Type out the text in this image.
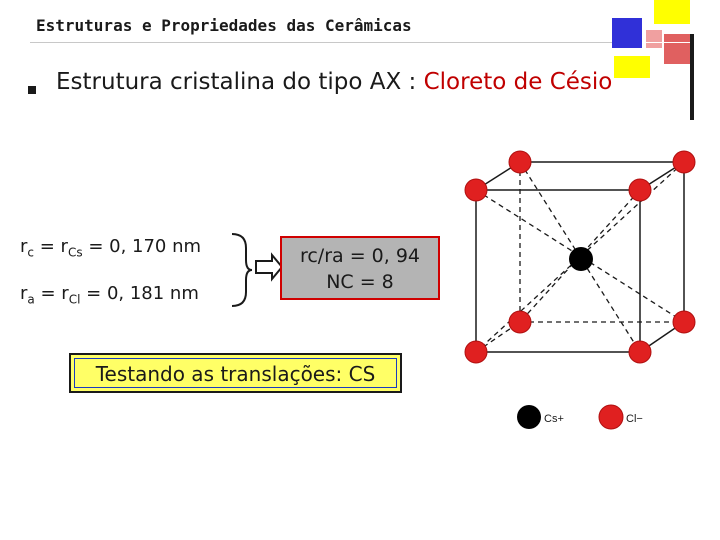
Estruturas e Propriedades das Cerâmicas
Estrutura cristalina do tipo AX : Cloreto de Césio
$r_c = r_{Cs} = 0$, 170 nm
$r_a = r_{Cl} = 0$, 181 nm
rc/ra = 0, 94
NC = 8
Testando as translações: CS
Cs+	Cl−
